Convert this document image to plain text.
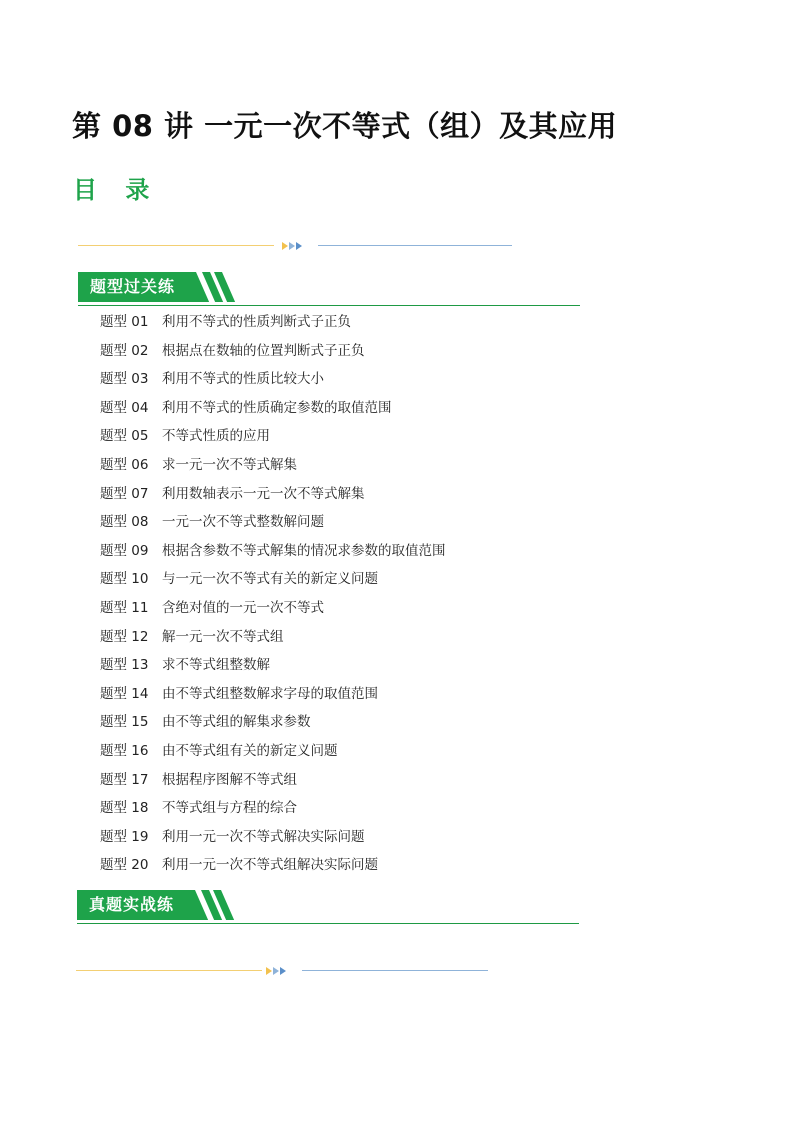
第 08 讲 一元一次不等式（组）及其应用
目 录
题型过关练
题型 01	利用不等式的性质判断式子正负
题型 02	根据点在数轴的位置判断式子正负
题型 03	利用不等式的性质比较大小
题型 04	利用不等式的性质确定参数的取值范围
题型 05	不等式性质的应用
题型 06	求一元一次不等式解集
题型 07	利用数轴表示一元一次不等式解集
题型 08	一元一次不等式整数解问题
题型 09	根据含参数不等式解集的情况求参数的取值范围
题型 10	与一元一次不等式有关的新定义问题
题型 11	含绝对值的一元一次不等式
题型 12	解一元一次不等式组
题型 13	求不等式组整数解
题型 14	由不等式组整数解求字母的取值范围
题型 15	由不等式组的解集求参数
题型 16	由不等式组有关的新定义问题
题型 17	根据程序图解不等式组
题型 18	不等式组与方程的综合
题型 19	利用一元一次不等式解决实际问题
题型 20	利用一元一次不等式组解决实际问题
真题实战练
